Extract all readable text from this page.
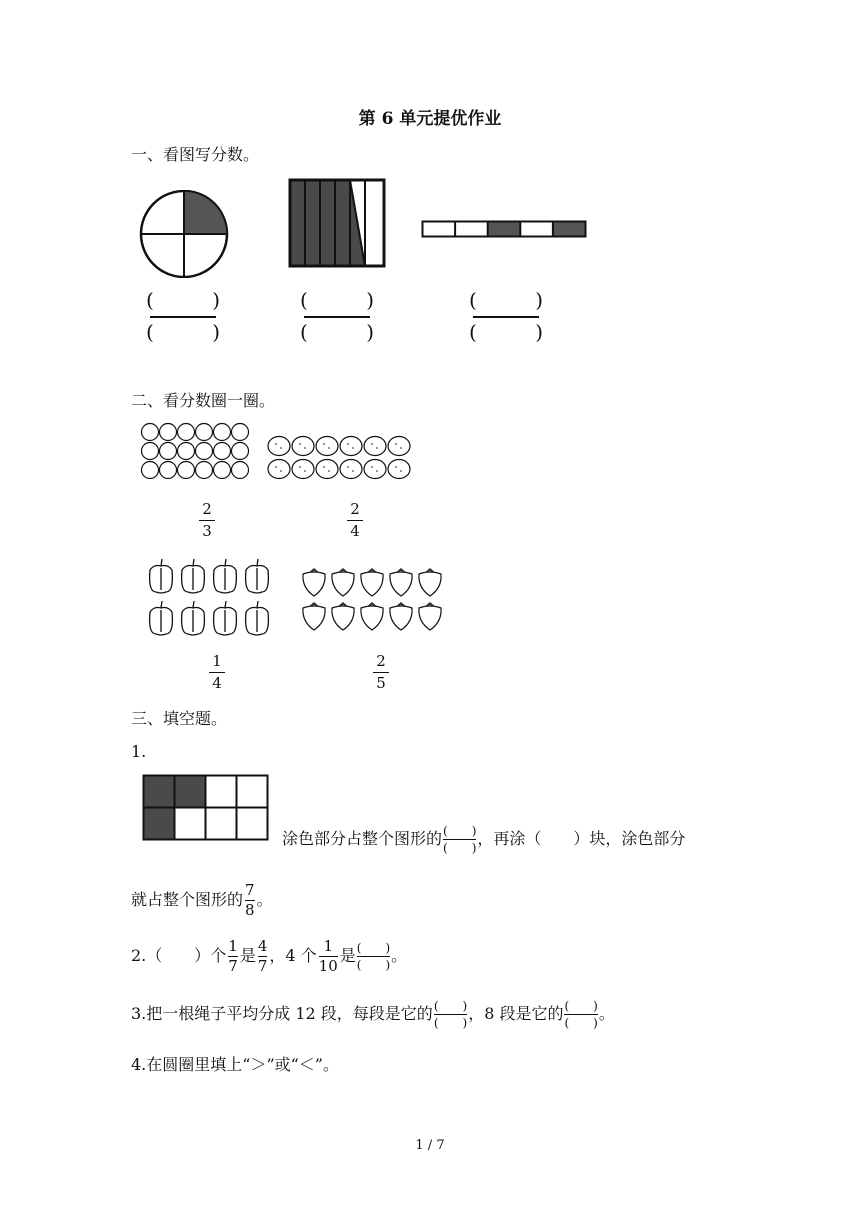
第 6 单元提优作业
一、看图写分数。
(	)
(	)
(	)
(	)
(	)
(	)
二、看分数圈一圈。
2
3
2
4
1
4
2
5
三、填空题。
1.
涂色部分占整个图形的 (　　)
(　　) ，再涂（　　）块，涂色部分
就占整个图形的 $\frac{7}{8}$ 。
2.（　　）个 $\frac{1}{7}$ 是 $\frac{4}{7}$ ，4 个 $\frac{1}{10}$ 是 (　　)
(　　) 。
3.把一根绳子平均分成 12 段，每段是它的 (　　)
(　　) ，8 段是它的 (　　)
(　　) 。
4.在圆圈里填上“＞”或“＜”。
1 / 7
